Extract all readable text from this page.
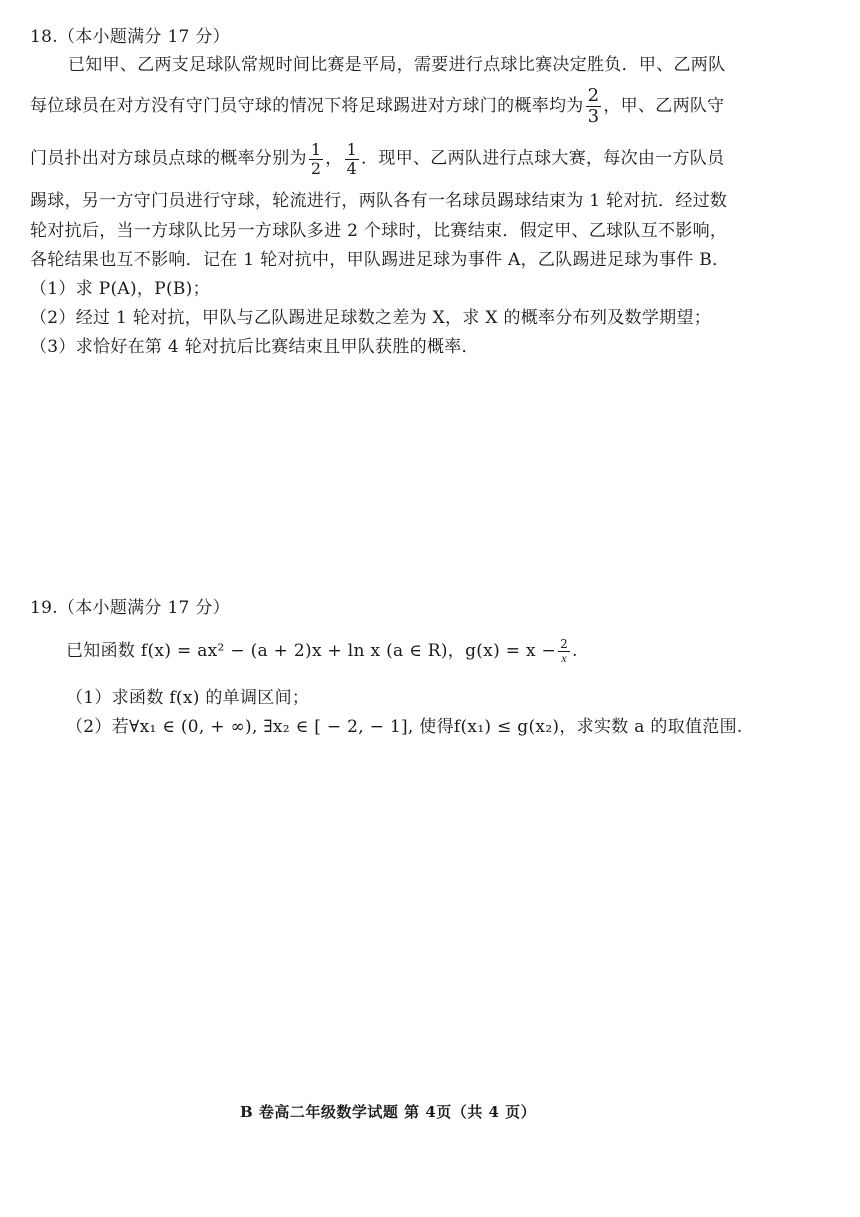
18.（本小题满分 17 分）
已知甲、乙两支足球队常规时间比赛是平局，需要进行点球比赛决定胜负．甲、乙两队
每位球员在对方没有守门员守球的情况下将足球踢进对方球门的概率均为 $\frac{2}{3}$ ，甲、乙两队守
门员扑出对方球员点球的概率分别为 $\frac{1}{2}$ ， $\frac{1}{4}$ ．现甲、乙两队进行点球大赛，每次由一方队员
踢球，另一方守门员进行守球，轮流进行，两队各有一名球员踢球结束为 1 轮对抗．经过数
轮对抗后，当一方球队比另一方球队多进 2 个球时，比赛结束．假定甲、乙球队互不影响，
各轮结果也互不影响．记在 1 轮对抗中，甲队踢进足球为事件 A，乙队踢进足球为事件 B．
（1）求 P(A)，P(B)；
（2）经过 1 轮对抗，甲队与乙队踢进足球数之差为 X，求 X 的概率分布列及数学期望；
（3）求恰好在第 4 轮对抗后比赛结束且甲队获胜的概率．
19.（本小题满分 17 分）
已知函数 f(x) = ax² − (a + 2)x + ln x (a ∈ R)，$g(x) = x - \frac{2}{x}$ .
（1）求函数 f(x) 的单调区间；
（2）若∀x₁ ∈ (0, + ∞), ∃x₂ ∈ [ − 2, − 1], 使得f(x₁) ≤ g(x₂)，求实数 a 的取值范围.
B 卷高二年级数学试题 第 4页（共 4 页）
